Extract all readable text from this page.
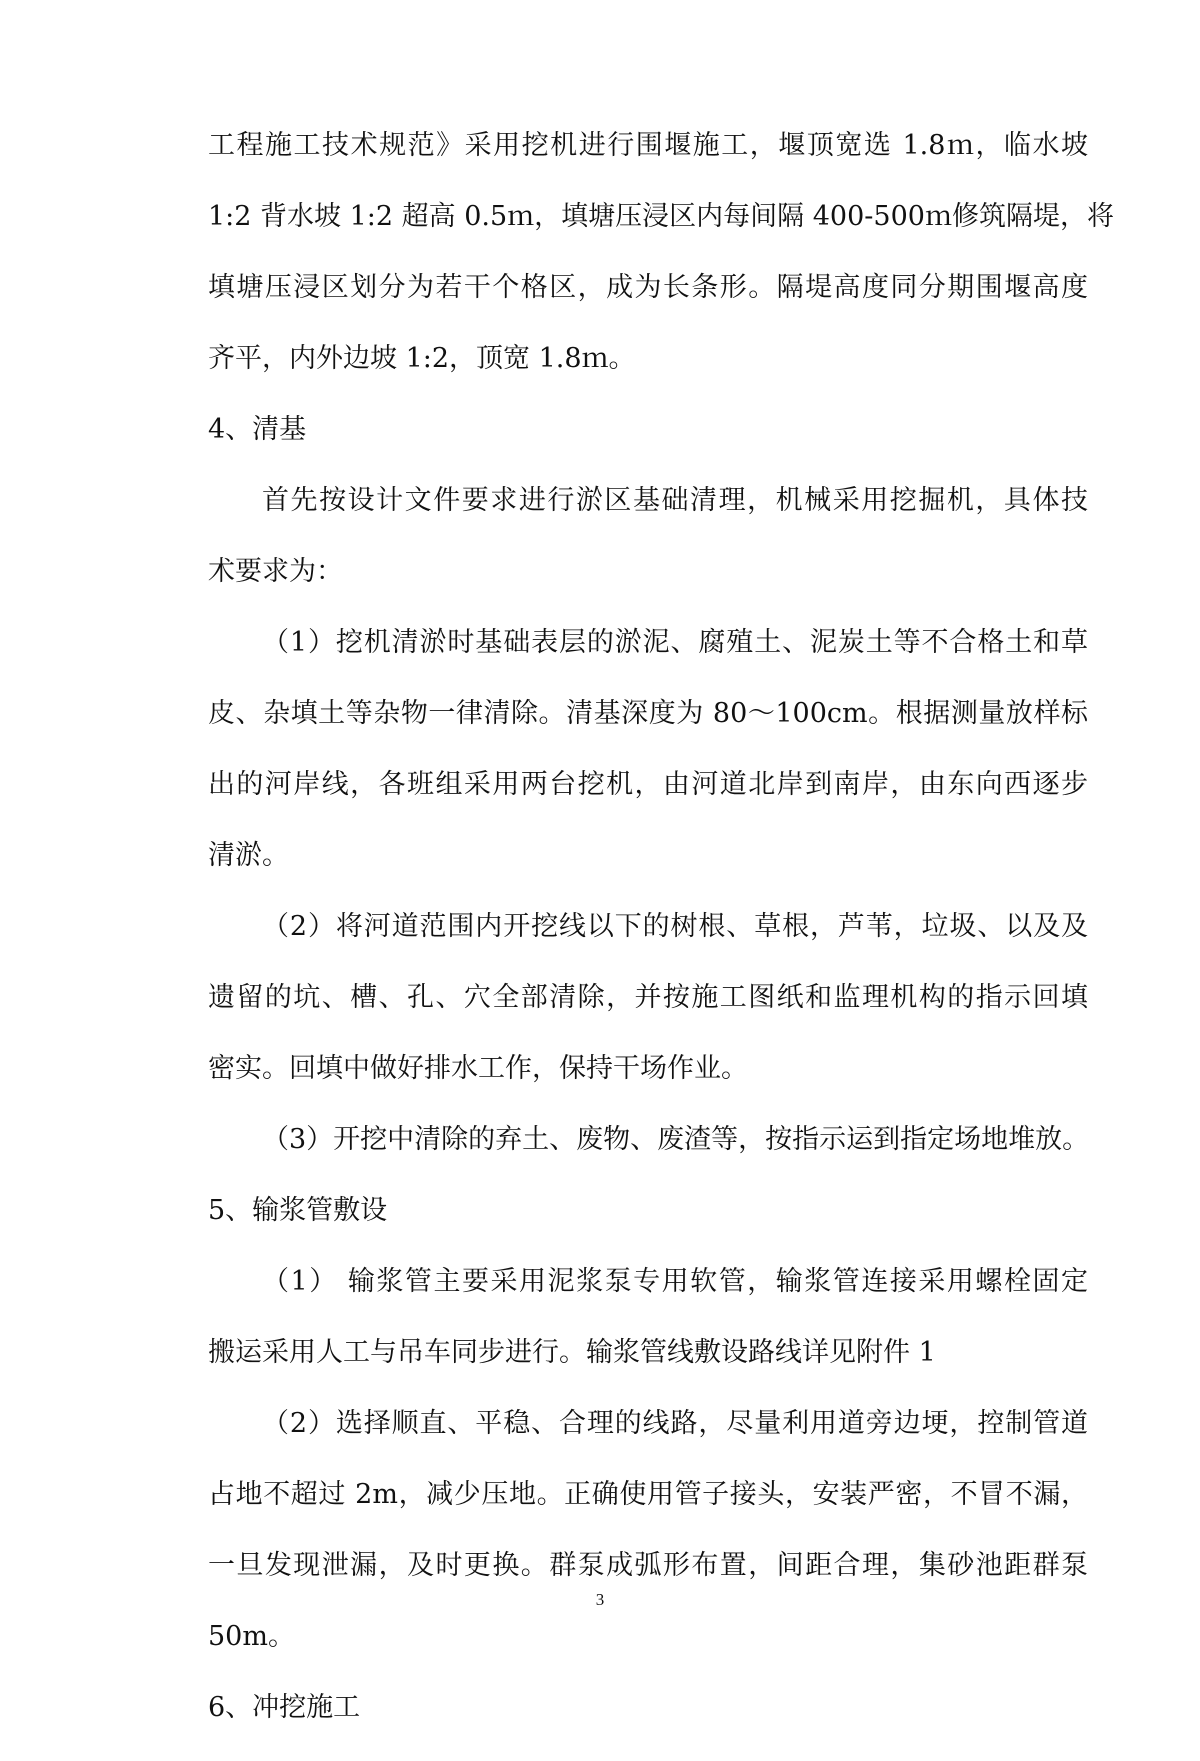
工程施工技术规范》采用挖机进行围堰施工，堰顶宽选 1.8ｍ，临水坡
1:2 背水坡 1:2 超高 0.5ｍ，填塘压浸区内每间隔 400-500ｍ修筑隔堤，将
填塘压浸区划分为若干个格区，成为长条形。隔堤高度同分期围堰高度
齐平，内外边坡 1:2，顶宽 1.8ｍ。
4、清基
首先按设计文件要求进行淤区基础清理，机械采用挖掘机，具体技
术要求为：
（1）挖机清淤时基础表层的淤泥、腐殖土、泥炭土等不合格土和草
皮、杂填土等杂物一律清除。清基深度为 80～100cm。根据测量放样标
出的河岸线，各班组采用两台挖机，由河道北岸到南岸，由东向西逐步
清淤。
（2）将河道范围内开挖线以下的树根、草根，芦苇，垃圾、以及及
遗留的坑、槽、孔、穴全部清除，并按施工图纸和监理机构的指示回填
密实。回填中做好排水工作，保持干场作业。
（3）开挖中清除的弃土、废物、废渣等，按指示运到指定场地堆放。
5、输浆管敷设
（1） 输浆管主要采用泥浆泵专用软管，输浆管连接采用螺栓固定
搬运采用人工与吊车同步进行。输浆管线敷设路线详见附件 1
（2）选择顺直、平稳、合理的线路，尽量利用道旁边埂，控制管道
占地不超过 2m，减少压地。正确使用管子接头，安装严密，不冒不漏，
一旦发现泄漏，及时更换。群泵成弧形布置，间距合理，集砂池距群泵
50m。
6、冲挖施工
3
